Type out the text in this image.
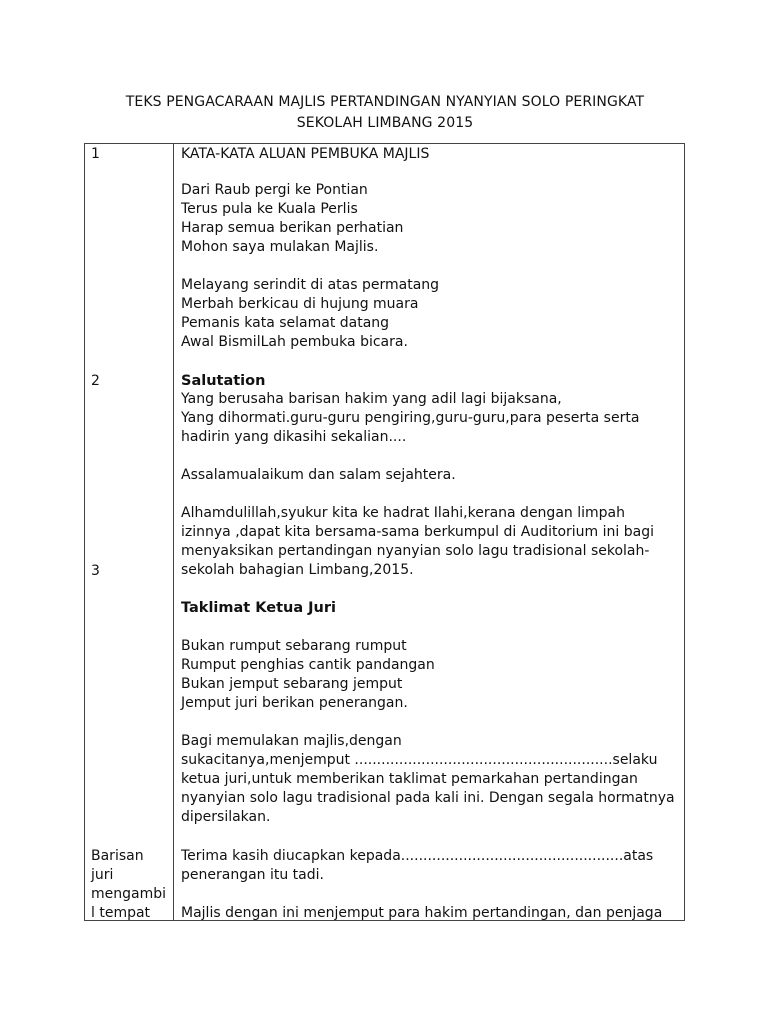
TEKS PENGACARAAN MAJLIS PERTANDINGAN NYANYIAN SOLO PERINGKAT
SEKOLAH LIMBANG 2015
1
2
3
Barisan
juri
mengambi
l tempat
KATA-KATA ALUAN PEMBUKA MAJLIS
Dari Raub pergi ke Pontian
Terus pula ke Kuala Perlis
Harap semua berikan perhatian
Mohon saya mulakan Majlis.
Melayang serindit di atas permatang
Merbah berkicau di hujung muara
Pemanis kata selamat datang
Awal BismilLah pembuka bicara.
Salutation
Yang berusaha barisan hakim yang adil lagi bijaksana,
Yang dihormati.guru-guru pengiring,guru-guru,para peserta serta
hadirin yang dikasihi sekalian....
Assalamualaikum dan salam sejahtera.
Alhamdulillah,syukur kita ke hadrat Ilahi,kerana dengan limpah
izinnya ,dapat kita bersama-sama berkumpul di Auditorium ini bagi
menyaksikan pertandingan nyanyian solo lagu tradisional sekolah-
sekolah bahagian Limbang,2015.
Taklimat Ketua Juri
Bukan rumput sebarang rumput
Rumput penghias cantik pandangan
Bukan jemput sebarang jemput
Jemput juri berikan penerangan.
Bagi memulakan majlis,dengan
sukacitanya,menjemput ..........................................................selaku
ketua juri,untuk memberikan taklimat pemarkahan pertandingan
nyanyian solo lagu tradisional pada kali ini. Dengan segala hormatnya
dipersilakan.
Terima kasih diucapkan kepada..................................................atas
penerangan itu tadi.
Majlis dengan ini menjemput para hakim pertandingan, dan penjaga
